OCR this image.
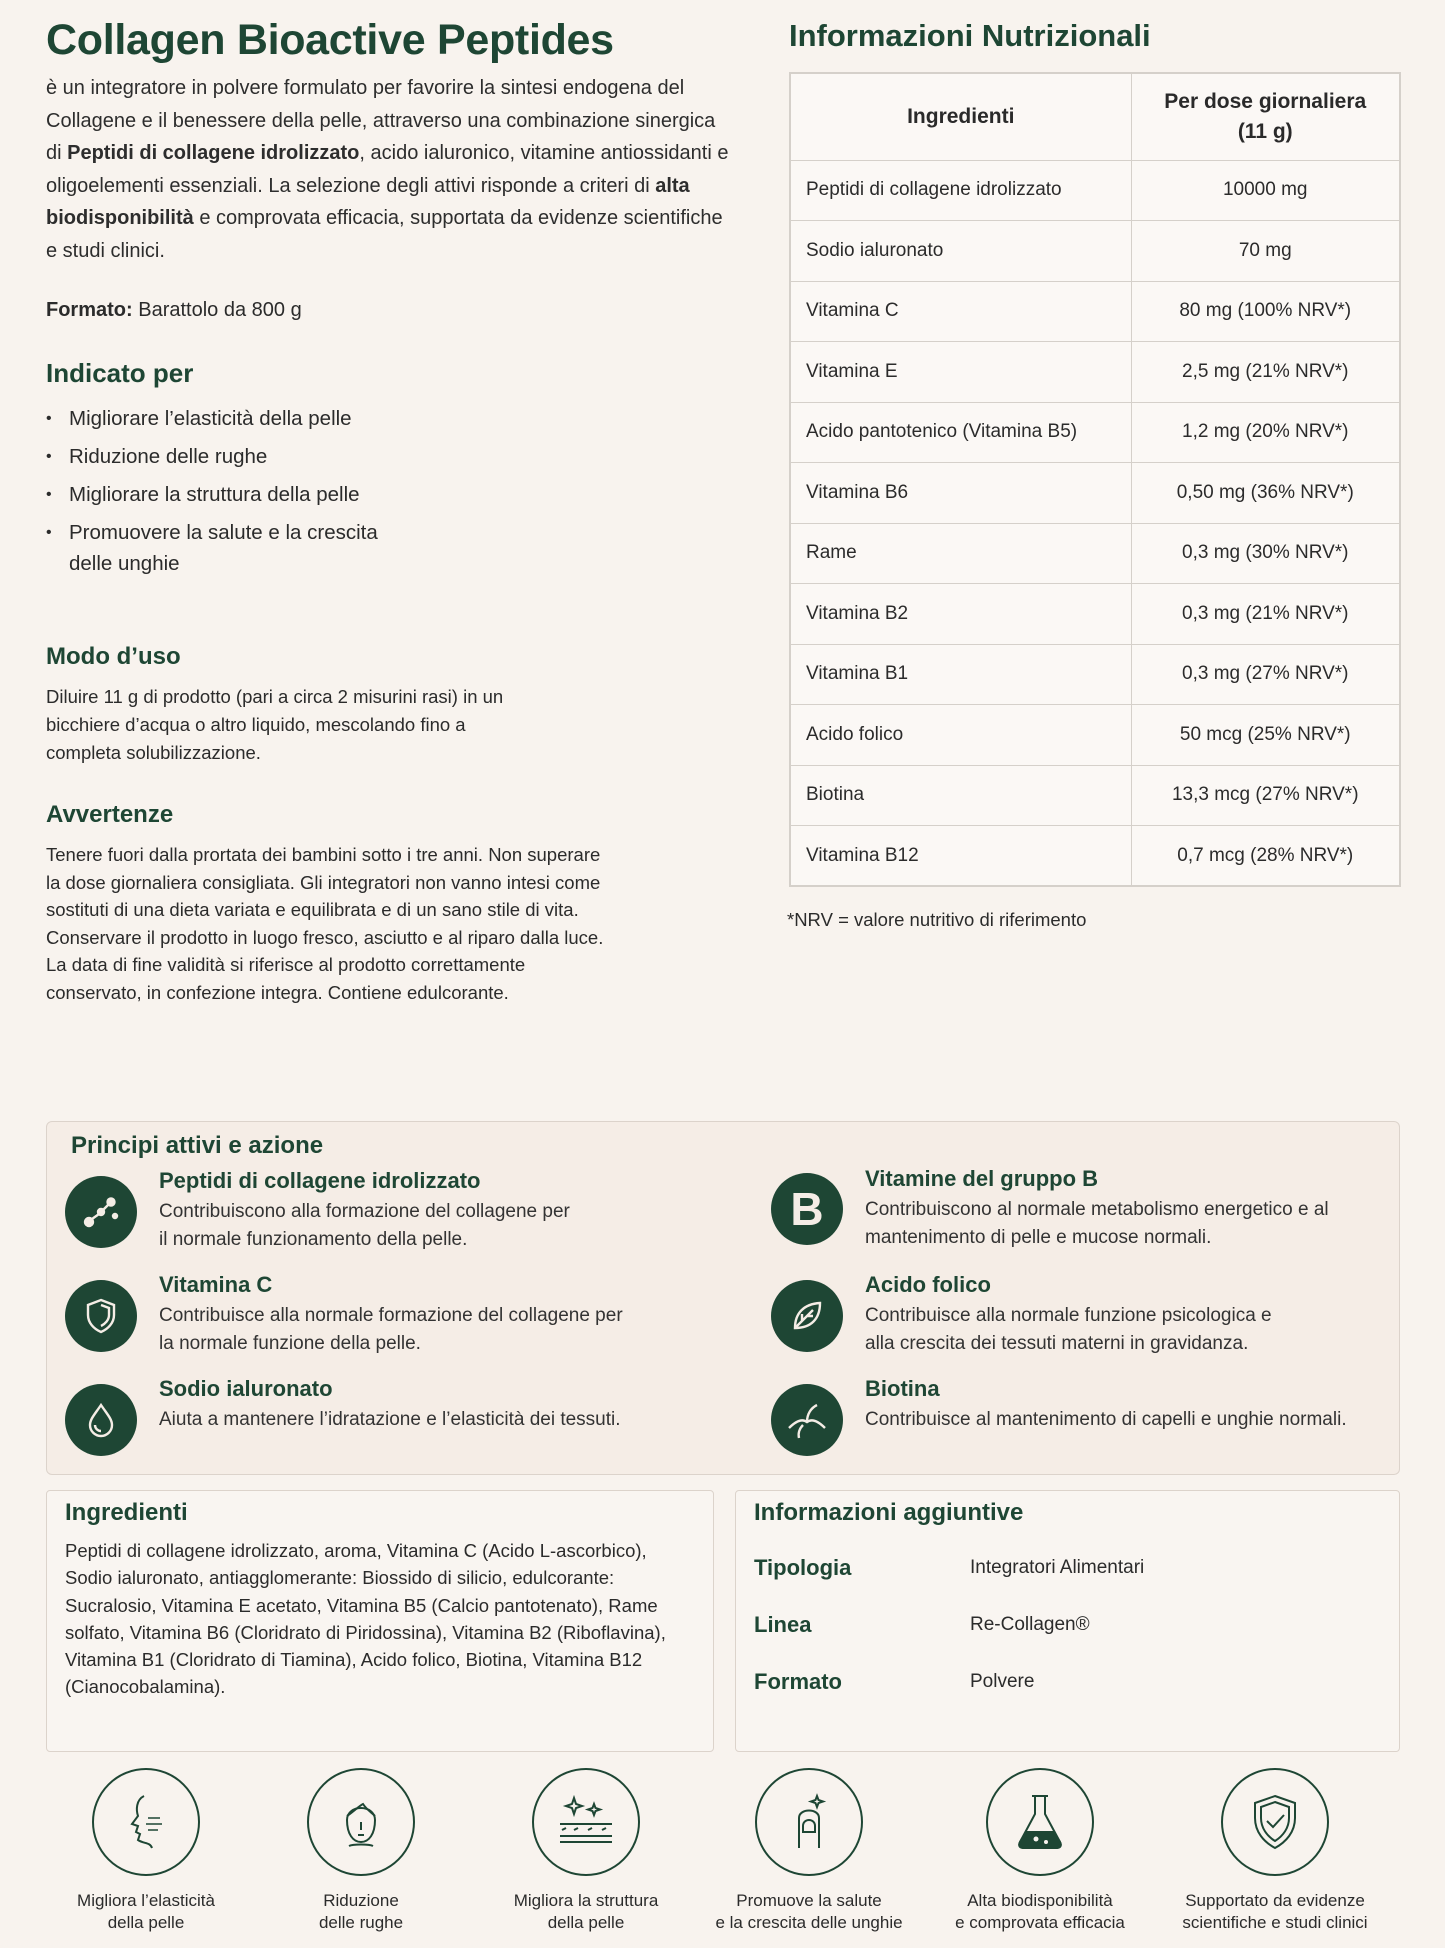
Collagen Bioactive Peptides

è un integratore in polvere formulato per favorire la sintesi endogena del Collagene e il benessere della pelle, attraverso una combinazione sinergica di Peptidi di collagene idrolizzato, acido ialuronico, vitamine antiossidanti e oligoelementi essenziali. La selezione degli attivi risponde a criteri di alta biodisponibilità e comprovata efficacia, supportata da evidenze scientifiche e studi clinici.

Formato: Barattolo da 800 g

Indicato per
• Migliorare l’elasticità della pelle
• Riduzione delle rughe
• Migliorare la struttura della pelle
• Promuovere la salute e la crescita delle unghie
Modo d’uso

Diluire 11 g di prodotto (pari a circa 2 misurini rasi) in un bicchiere d’acqua o altro liquido, mescolando fino a completa solubilizzazione.

Avvertenze

Tenere fuori dalla prortata dei bambini sotto i tre anni. Non superare la dose giornaliera consigliata. Gli integratori non vanno intesi come sostituti di una dieta variata e equilibrata e di un sano stile di vita. Conservare il prodotto in luogo fresco, asciutto e al riparo dalla luce. La data di fine validità si riferisce al prodotto correttamente conservato, in confezione integra. Contiene edulcorante.

Informazioni Nutrizionali
Ingredienti	Per dose giornaliera (11 g)
Peptidi di collagene idrolizzato	10000 mg
Sodio ialuronato	70 mg
Vitamina C	80 mg (100% NRV*)
Vitamina E	2,5 mg (21% NRV*)
Acido pantotenico (Vitamina B5)	1,2 mg (20% NRV*)
Vitamina B6	0,50 mg (36% NRV*)
Rame	0,3 mg (30% NRV*)
Vitamina B2	0,3 mg (21% NRV*)
Vitamina B1	0,3 mg (27% NRV*)
Acido folico	50 mcg (25% NRV*)
Biotina	13,3 mcg (27% NRV*)
Vitamina B12	0,7 mcg (28% NRV*)

*NRV = valore nutritivo di riferimento

Principi attivi e azione
Peptidi di collagene idrolizzato
Contribuiscono alla formazione del collagene per il normale funzionamento della pelle.
Vitamina C
Contribuisce alla normale formazione del collagene per la normale funzione della pelle.
Sodio ialuronato
Aiuta a mantenere l’idratazione e l’elasticità dei tessuti.
B
Vitamine del gruppo B
Contribuiscono al normale metabolismo energetico e al mantenimento di pelle e mucose normali.
Acido folico
Contribuisce alla normale funzione psicologica e alla crescita dei tessuti materni in gravidanza.
Biotina
Contribuisce al mantenimento di capelli e unghie normali.
Ingredienti

Peptidi di collagene idrolizzato, aroma, Vitamina C (Acido L-ascorbico), Sodio ialuronato, antiagglomerante: Biossido di silicio, edulcorante: Sucralosio, Vitamina E acetato, Vitamina B5 (Calcio pantotenato), Rame solfato, Vitamina B6 (Cloridrato di Piridossina), Vitamina B2 (Riboflavina), Vitamina B1 (Cloridrato di Tiamina), Acido folico, Biotina, Vitamina B12 (Cianocobalamina).

Informazioni aggiuntive
Tipologia	Integratori Alimentari
Linea	Re-Collagen®
Formato	Polvere
Migliora l’elasticità
della pelle
Riduzione
delle rughe
Migliora la struttura
della pelle
Promuove la salute
e la crescita delle unghie
Alta biodisponibilità
e comprovata efficacia
Supportato da evidenze
scientifiche e studi clinici
